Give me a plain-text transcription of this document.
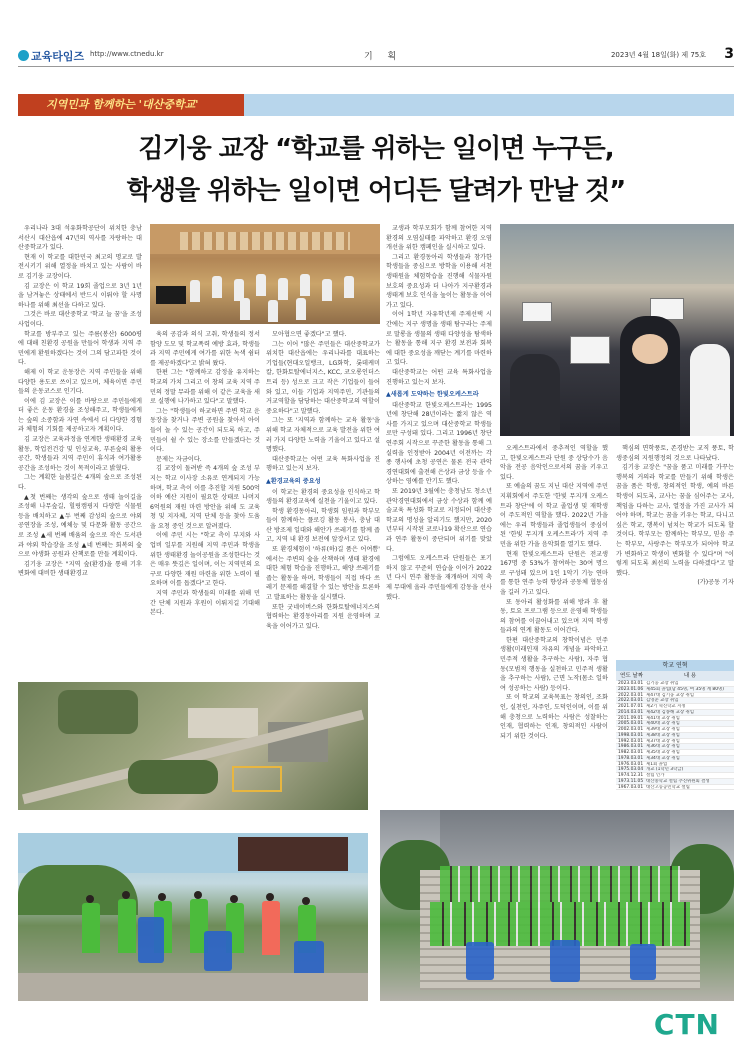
교육타임즈 http://www.ctnedu.kr	기 획	2023년 4월 18일(화) 제 75호 3
지역민과 함께하는 '대산중학교'
김기웅 교장 “학교를 위하는 일이면 누구든,
학생을 위하는 일이면 어디든 달려가 만날 것”

우리나라 3대 석유화학공단이 위치한 충남 서산시 대산읍에 47년의 역사를 자랑하는 대산중학교가 있다.

현재 이 학교를 대한민국 최고의 명교로 발전시키기 위해 열정을 바치고 있는 사람이 바로 김기웅 교장이다.

김 교장은 이 학교 19회 졸업으로 3년 1년을 남겨놓은 상태에서 반드시 이뤄야 할 사명 하나를 위해 최선을 다하고 있다.

그것은 바로 대산중학교 '학교 늘 꿈'을 조성사업이다.

학교를 방부주고 있는 주름(봉산) 6000평에 대해 친환경 공원을 만들어 학생과 지역 주민에게 환원하겠다는 것이 그의 담고파한 것이다.

해제 이 학교 운동장은 지역 주민들을 위해 다양한 용도로 쓰이고 있으며, 체육이면 주민들의 운동코스로 인기다.

이에 김 교장은 이를 바탕으로 주민들에게 더 좋은 운동 환경을 조성해주고, 학생들에게는 숲의 소중함과 자연 속에서 더 다양한 경험과 체험의 기회를 제공하고자 계획이다.

김 교장은 교육과정을 연계한 생태환경 교육 활동, 학업전건강 및 인성교육, 푸른숲의 활용 공간, 학생들과 지역 주민이 휴식과 여가활용 공간을 조성하는 것이 목적이라고 밝혔다.

그는 계획한 늘봄길은 4개의 숲으로 조성된다.

▲첫 번째는 생각의 숲으로 생태 놀이길을 조성해 나무숲길, 힐링캠핑지 다양한 식물원 등을 배치하고 ▲두 번째 감성의 숲으로 야외공연장을 조성, 예체능 및 다문화 활동 공간으로 조성 ▲세 번째 배움의 숲으로 작은 도서관과 야외 학습장을 조성 ▲네 번째는 회복의 숲으로 야생화 공원과 산책로를 만들 계획이다.

김기웅 교장은 "지역 숲(환경)을 통해 기후변화에 대비한 생태환경교

육의 공감과 의식 고취, 학생들의 정서함양 도모 및 학교폭력 예방 효과, 학생들과 지역 주민에게 여가를 위한 녹색 쉼터를 제공하겠다"고 밝혀 왔다.

한편 그는 "함께하고 감정을 유지하는 학교의 가치 그리고 이 창의 교육 지역 주민의 정말 무라를 위해 이 같은 교육을 새로 실행에 나가하고 있다"고 말했다.

그는 "학생들이 하교하면 주변 학교 운동장을 찾거나 주변 공원을 찾아서 아이들이 놀 수 있는 공간이 되도록 하고, 주민들이 쉴 수 있는 장소를 만들겠다는 것이다.

문제는 자금이다.

김 교장이 돌려받 즉 4개의 숲 조성 부지는 학교 이사장 소유로 연계되지 가능하며, 학교 측이 이를 추진할 지원 500억 이하 예산 지원이 필요한 상태로 나머지 6억원의 재원 마련 방안을 위해 도 교육청 및 지자체, 지역 단체 등을 찾아 도움을 요청 중인 것으로 알려졌다.

이에 주민 시는 "학교 측이 부지와 사업비 일부를 지원해 지역 주민과 학생을 위한 생태환경 놀이공원을 조성한다는 것은 매우 뜻깊은 일이며, 이는 지역민의 요구로 다양한 재원 마련을 위한 노력이 필요하며 이를 돕겠다"고 한다.

지역 주민과 학생들의 미래를 위해 민간 단체 지원과 후원이 이뤄지길 기대해 본다.

모아협으면 좋겠다"고 했다.

그는 이어 "많은 주민들은 대산중학교가 위치한 대산읍에는 우리나라를 대표하는 기업들(현대오일뱅크, LG화학, 롯데케미칼, 한화토탈에너지스, KCC, 코오롱인더스트리 등) 성으로 크고 작은 기업들이 들어와 있고, 이들 기업과 지역주민, 기관들의 거교역할을 담당하는 대산중학교의 역할이 중요하다"고 말했다.

그는 또 '지역과 함께하는 교육 활동'을 위해 학교 자체적으로 교육 발전을 위한 여러 가지 다양한 노력을 기울이고 있다고 설명했다.

대산중학교는 어떤 교육 특화사업을 진행하고 있는지 보자.

▲환경교육의 중요성

이 학교는 환경의 중요성을 인식하고 학생들의 환경교육에 실천을 기울이고 있다.

학생 환경동아리, 학생회 임원과 학부모들이 함께하는 플로깅 활동 봉사, 충남 대산 방조제 일대와 해안가 쓰레기를 함께 줍고, 지역 내 환경 보전에 앞장서고 있다.

또 환경체험이 '하류(하)길 품은 어여쁨' 에서는 주변의 숲을 산책하며 생태 환경에 대한 체험 학습을 진행하고, 해양 쓰레기를 줍는 활동을 하며, 학생들이 직접 바다 쓰레기 문제를 해결할 수 있는 방안을 토론하고 발표하는 활동을 실시했다.

또한 굿네이버스와 한화토탈에너지스의 협력하는 환경동아리를 지원 운영하며 교육을 이어가고 있다.

교생과 학부모회가 함께 참여한 지역환경의 오염실태를 파악하고 환경 오염 개선을 위한 캠페인을 실시하고 있다.

그리고 환경동아리 학생들과 참가한 학생들을 중심으로 방학을 이용해 서천생태원을 체험학습을 진행해 식물자원 보호의 중요성과 더 나아가 지구환경과 생태계 보호 인식을 높이는 활동을 이어가고 있다.

이어 1학년 자유학년제 주제선택 시간에는 지구 생명을 생태 탐구라는 주제로 말롱을 생물의 생태 다양성을 탐색하는 활동을 통해 지구 환경 보전과 회복 에 대한 중요성을 깨닫는 계기를 마련하고 있다.

대산중학교는 어떤 교육 특화사업을 진행하고 있는지 보자.

▲새롭게 도약하는 한빛오케스트라

대산중학교 한빛오케스트라는 1995년에 창단해 28년이라는 짧지 않은 역사를 가지고 있으며 대산중학교 학생들로만 구성돼 있다. 그리고 1996년 창단연주회 시작으로 꾸준한 활동을 통해 그 실력을 인정받아 2004년 이전까는 각종 행사에 초청 공연은 물론 전국 관악경연대회에 출전해 은상과 금상 등을 수상하는 영예를 안기도 했다.

또 2019년 3월에는 충청남도 청소년 관악경연대회에서 금상 수상과 함께 예술교육 특성화 학교로 지정되어 대산중학교의 명성을 알리기도 했지만, 2020년부터 시작된 코로나19 확산으로 연습과 연주 활동이 중단되며 위기를 맞았다.

그럼에도 오케스트라 단원들은 포기하지 않고 꾸준히 연습을 이어가 2022년 다시 연주 활동을 재개하며 지역 축제 무대에 올라 주민들에게 감동을 선사했다.

오케스트라에서 중추적인 역할을 했고, 한빛오케스트라 단원 중 상당수가 음악을 전공 음악인으로서의 꿈을 키우고 있다.

또 예술의 꿈도 지닌 대산 지역에 주민 지휘회에서 주도한 '한빛 무지개 오케스트라 창단'에 이 학교 졸업생 및 재학생이 주도적인 역할을 했다. 2022년 가을에는 우리 학생들과 졸업생들이 중심이 된 '한빛 무지개 오케스트라'가 지역 주민을 위한 가을 음악회를 열기도 했다.

현재 한빛오케스트라 단원은 전교생 167명 중 53%가 참여하는 30여 명으로 구성돼 있으며 1인 1악기 기능 연마를 통한 연주 능력 향상과 공동체 협동심을 길러 가고 있다.

또 동아리 활성화를 위해 방과 후 활동, 토요 프로그램 등으로 운영해 학생들의 참여를 이끌어내고 있으며 지역 학생들과의 연계 활동도 이어간다.

한편 대산중학교의 창학이념은 민주 생활(미래인재 자유의 개념을 파악하고 민주적 생활을 추구하는 사람), 자주 협동(모범적 행동을 실천하고 민주적 생활을 추구하는 사람), 근면 노작(몸소 일하여 성공하는 사람) 등이다.

또 이 학교의 교육목표는 창의인, 조화인, 실천인, 자주인, 도덕인이며, 이를 위해 충청으로 노력하는 사람은 성찰하는 인재, 협력하는 인재, 창의적인 사람이 되기 위한 것이다.

핵심의 면학풍토, 존경받는 교직 풍토, 학생중심의 지원행정의 것으로 나타났다.

김기웅 교장은 "꿈을 품고 미래를 가꾸는 행복의 거의라 학교를 만들기 위해 학생은 꿈을 품은 학생, 창의적인 학생, 예의 바른 학생이 되도록, 교사는 꿈을 심어주는 교사, 책임을 다하는 교사, 열정을 가진 교사가 되어야 하며, 학교는 꿈을 키우는 학교, 다니고 싶은 학교, 행복이 넘치는 학교가 되도록 할 것이다. 학부모는 함께하는 학부모, 믿음 주는 학부모, 사랑주는 학부모가 되어야 학교가 변화하고 학생이 변화할 수 있다"며 "이렇게 되도록 최선의 노력을 다하겠다"고 말했다.

(가)공동 기자

학교 연혁
연도 날짜	내 용
2023.03.01 김기웅 교장 취임
2023.01.06 제45회 졸업(남 45명, 여 35명 계 80명)
2022.03.01 제47대 김기웅 교장 취임
2022.03.01 김영준 교장 취임
2021.07.01 제2기 혁신학교 지정
2014.03.01 제42대 김종해 교장 취임
2011.09.01 제41대 교장 취임
2005.03.01 제40대 교장 취임
2002.03.01 제39대 교장 취임
1998.03.01 제38대 교장 취임
1992.03.01 제37대 교장 취임
1986.03.01 제36대 교장 취임
1982.03.01 제35대 교장 취임
1978.03.01 제34대 교장 취임
1976.03.01 제1회 졸업
1975.03.04 개교 (1학년 3학급)
1974.12.31 설립 인가
1973.11.05 대산중학교 설립 추진위원회 결성
1967.03.01 대산고등공민학교 설립
CTN
